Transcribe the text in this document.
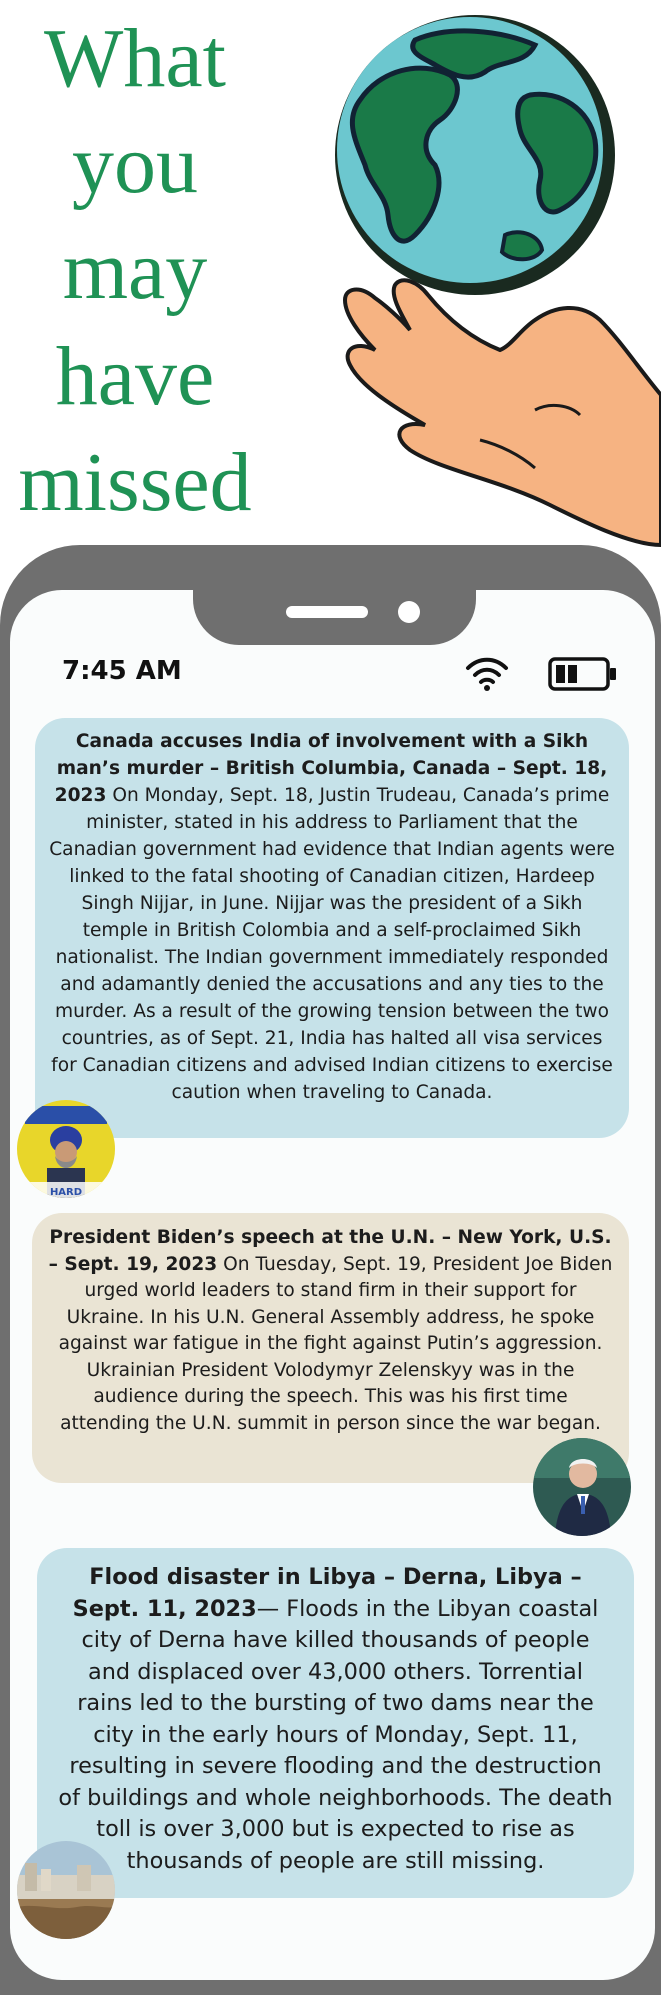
What
you
may
have
missed
7:45 AM
Canada accuses India of involvement with a Sikh man’s murder – British Columbia, Canada – Sept. 18, 2023 On Monday, Sept. 18, Justin Trudeau, Canada’s prime minister, stated in his address to Parliament that the Canadian government had evidence that Indian agents were linked to the fatal shooting of Canadian citizen, Hardeep Singh Nijjar, in June. Nijjar was the president of a Sikh temple in British Colombia and a self-proclaimed Sikh nationalist. The Indian government immediately responded and adamantly denied the accusations and any ties to the murder. As a result of the growing tension between the two countries, as of Sept. 21, India has halted all visa services for Canadian citizens and advised Indian citizens to exercise caution when traveling to Canada.
HARD
President Biden’s speech at the U.N. – New York, U.S. – Sept. 19, 2023 On Tuesday, Sept. 19, President Joe Biden urged world leaders to stand firm in their support for Ukraine. In his U.N. General Assembly address, he spoke against war fatigue in the fight against Putin’s aggression. Ukrainian President Volodymyr Zelenskyy was in the audience during the speech. This was his first time attending the U.N. summit in person since the war began.
Flood disaster in Libya – Derna, Libya – Sept. 11, 2023— Floods in the Libyan coastal city of Derna have killed thousands of people and displaced over 43,000 others. Torrential rains led to the bursting of two dams near the city in the early hours of Monday, Sept. 11, resulting in severe flooding and the destruction of buildings and whole neighborhoods. The death toll is over 3,000 but is expected to rise as thousands of people are still missing.
